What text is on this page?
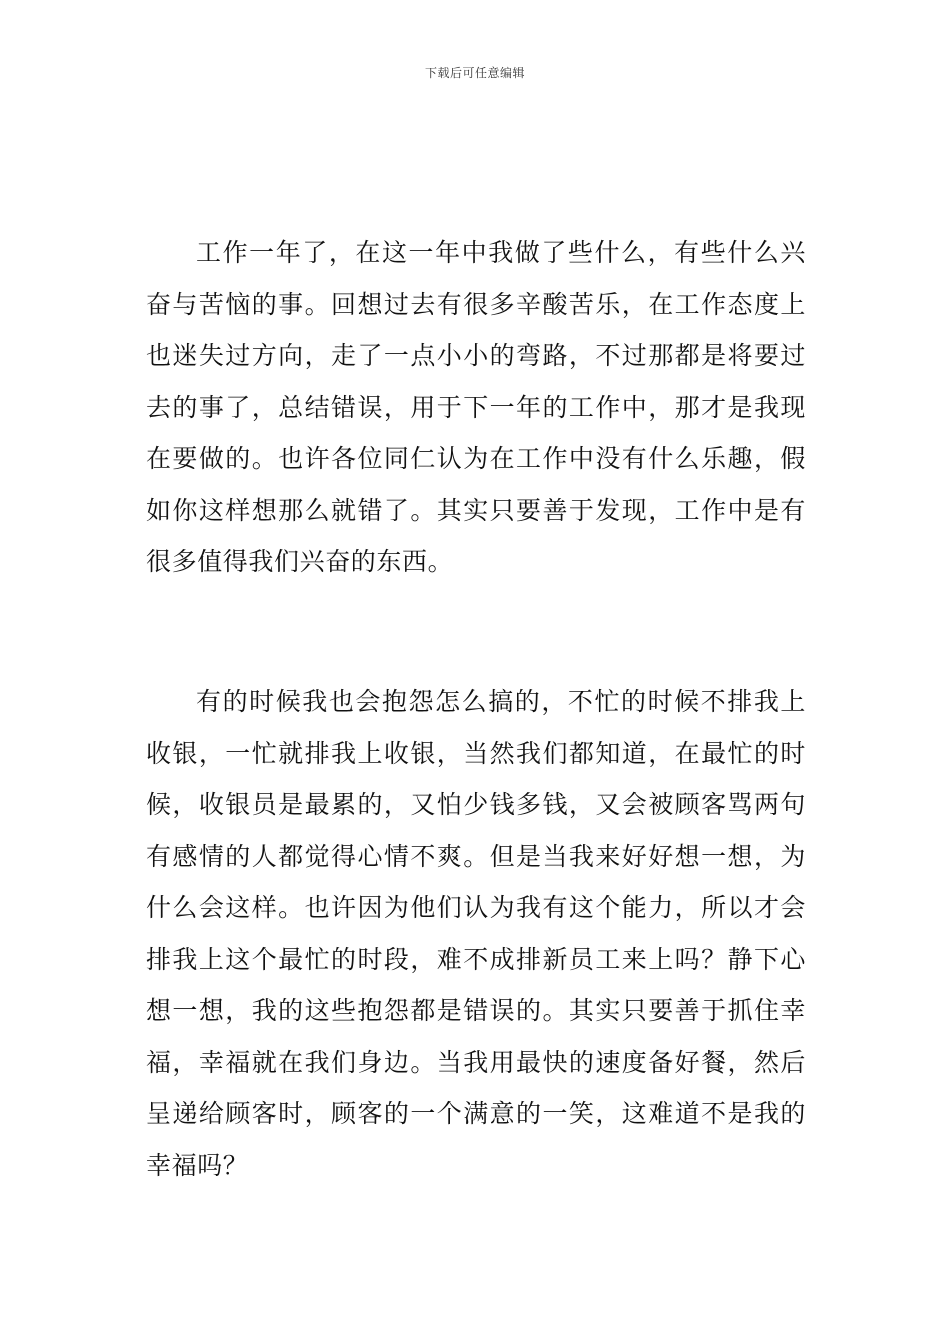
下载后可任意编辑

工作一年了，在这一年中我做了些什么，有些什么兴奋与苦恼的事。回想过去有很多辛酸苦乐，在工作态度上也迷失过方向，走了一点小小的弯路，不过那都是将要过去的事了，总结错误，用于下一年的工作中，那才是我现在要做的。也许各位同仁认为在工作中没有什么乐趣，假如你这样想那么就错了。其实只要善于发现，工作中是有很多值得我们兴奋的东西。

有的时候我也会抱怨怎么搞的，不忙的时候不排我上收银，一忙就排我上收银，当然我们都知道，在最忙的时候，收银员是最累的，又怕少钱多钱，又会被顾客骂两句有感情的人都觉得心情不爽。但是当我来好好想一想，为什么会这样。也许因为他们认为我有这个能力，所以才会排我上这个最忙的时段，难不成排新员工来上吗？静下心想一想，我的这些抱怨都是错误的。其实只要善于抓住幸福，幸福就在我们身边。当我用最快的速度备好餐，然后呈递给顾客时，顾客的一个满意的一笑，这难道不是我的幸福吗？
